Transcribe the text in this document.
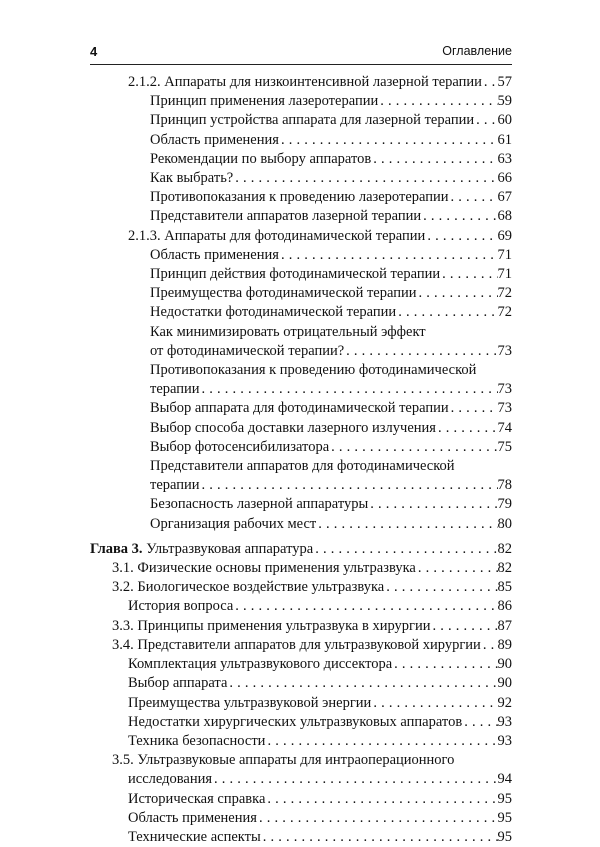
4	Оглавление
2.1.2. Аппараты для низкоинтенсивной лазерной терапии . . . 57
Принцип применения лазеротерапии . . .	59
Принцип устройства аппарата для лазерной терапии . . . 60
Область применения . . .	61
Рекомендации по выбору аппаратов . . .	63
Как выбрать? . . .	66
Противопоказания к проведению лазеротерапии . . .	67
Представители аппаратов лазерной терапии . . .	68
2.1.3. Аппараты для фотодинамической терапии . . .	69
Область применения . . .	71
Принцип действия фотодинамической терапии . . .	71
Преимущества фотодинамической терапии . . .	72
Недостатки фотодинамической терапии . . .	72
Как минимизировать отрицательный эффект
от фотодинамической терапии? . . .	73
Противопоказания к проведению фотодинамической
терапии . . .	73
Выбор аппарата для фотодинамической терапии . . .	73
Выбор способа доставки лазерного излучения . . .	74
Выбор фотосенсибилизатора . . .	75
Представители аппаратов для фотодинамической
терапии . . .	78
Безопасность лазерной аппаратуры . . .	79
Организация рабочих мест . . .	80
Глава 3. Ультразвуковая аппаратура . . .	82
3.1. Физические основы применения ультразвука . . .	82
3.2. Биологическое воздействие ультразвука . . .	85
История вопроса . . .	86
3.3. Принципы применения ультразвука в хирургии . . .	87
3.4. Представители аппаратов для ультразвуковой хирургии . . . 89
Комплектация ультразвукового диссектора . . .	90
Выбор аппарата . . .	90
Преимущества ультразвуковой энергии . . .	92
Недостатки хирургических ультразвуковых аппаратов . . . 93
Техника безопасности . . .	93
3.5. Ультразвуковые аппараты для интраоперационного
исследования . . .	94
Историческая справка . . .	95
Область применения . . .	95
Технические аспекты . . .	95
